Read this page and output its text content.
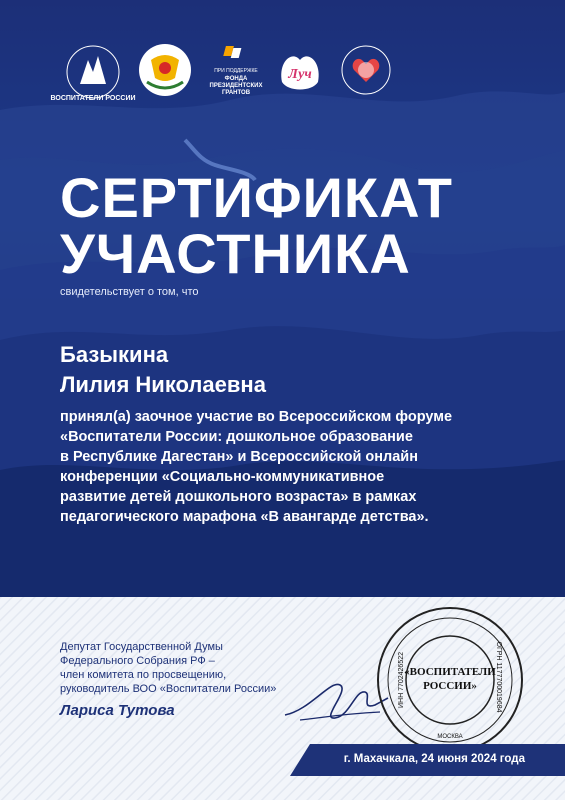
ВОСПИТАТЕЛИ РОССИИ
ПРИ ПОДДЕРЖКЕ
ФОНДА
ПРЕЗИДЕНТСКИХ
ГРАНТОВ
Луч
СЕРТИФИКАТ
УЧАСТНИКА
свидетельствует о том, что
Базыкина
Лилия Николаевна
принял(а) заочное участие во Всероссийском форуме
«Воспитатели России: дошкольное образование
в Республике Дагестан» и Всероссийской онлайн
конференции «Социально-коммуникативное
развитие детей дошкольного возраста» в рамках
педагогического марафона «В авангарде детства».
Депутат Государственной Думы
Федерального Собрания РФ –
член комитета по просвещению,
руководитель ВОО «Воспитатели России»
Лариса Тутова
«ВОСПИТАТЕЛИ
РОССИИ»	ОГРН 1177700019684
ИНН 7702426522
МОСКВА
г. Махачкала, 24 июня 2024 года
